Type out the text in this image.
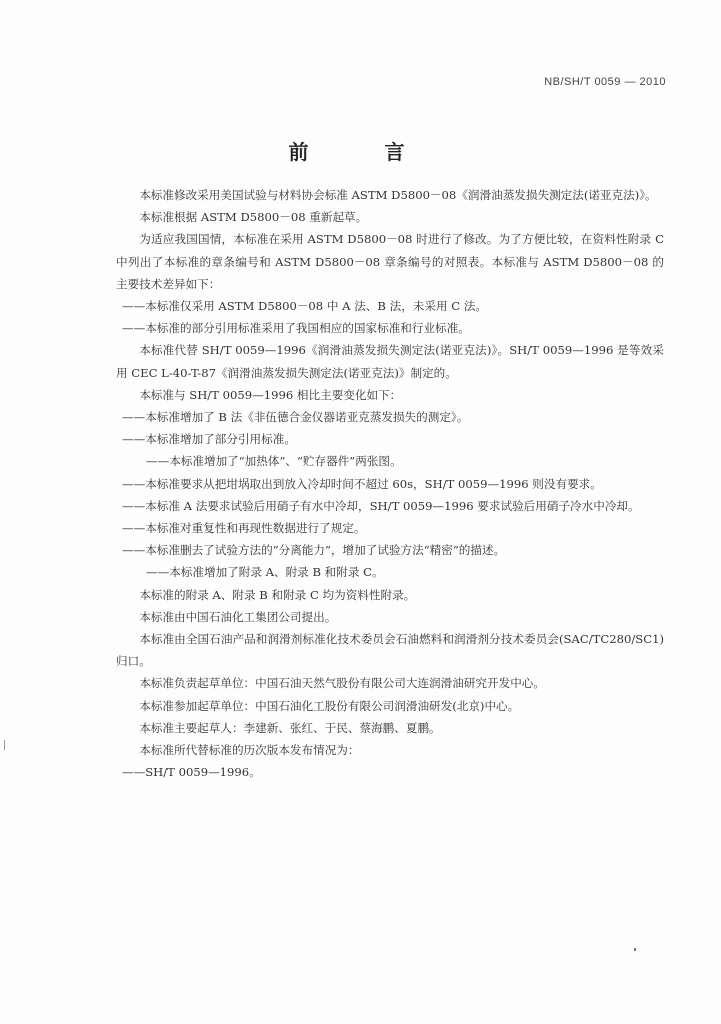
NB/SH/T 0059 — 2010
前　言

本标准修改采用美国试验与材料协会标准 ASTM D5800－08《润滑油蒸发损失测定法(诺亚克法)》。

本标准根据 ASTM D5800－08 重新起草。

为适应我国国情，本标准在采用 ASTM D5800－08 时进行了修改。为了方便比较，在资料性附录 C 中列出了本标准的章条编号和 ASTM D5800－08 章条编号的对照表。本标准与 ASTM D5800－08 的主要技术差异如下：

——本标准仅采用 ASTM D5800－08 中 A 法、B 法，未采用 C 法。

——本标准的部分引用标准采用了我国相应的国家标准和行业标准。

本标准代替 SH/T 0059—1996《润滑油蒸发损失测定法(诺亚克法)》。SH/T 0059—1996 是等效采用 CEC L-40-T-87《润滑油蒸发损失测定法(诺亚克法)》制定的。

本标准与 SH/T 0059—1996 相比主要变化如下：

——本标准增加了 B 法《非伍德合金仪器诺亚克蒸发损失的测定》。

——本标准增加了部分引用标准。

——本标准增加了“加热体”、“贮存器件”两张图。

——本标准要求从把坩埚取出到放入冷却时间不超过 60s，SH/T 0059—1996 则没有要求。

——本标准 A 法要求试验后用硝子有水中冷却，SH/T 0059—1996 要求试验后用硝子冷水中冷却。

——本标准对重复性和再现性数据进行了规定。

——本标准删去了试验方法的“分离能力”，增加了试验方法“精密”的描述。

——本标准增加了附录 A、附录 B 和附录 C。

本标准的附录 A、附录 B 和附录 C 均为资料性附录。

本标准由中国石油化工集团公司提出。

本标准由全国石油产品和润滑剂标准化技术委员会石油燃料和润滑剂分技术委员会(SAC/TC280/SC1)归口。

本标准负责起草单位：中国石油天然气股份有限公司大连润滑油研究开发中心。

本标准参加起草单位：中国石油化工股份有限公司润滑油研发(北京)中心。

本标准主要起草人：李建新、张红、于民、蔡海鹏、夏鹏。

本标准所代替标准的历次版本发布情况为：

——SH/T 0059—1996。
